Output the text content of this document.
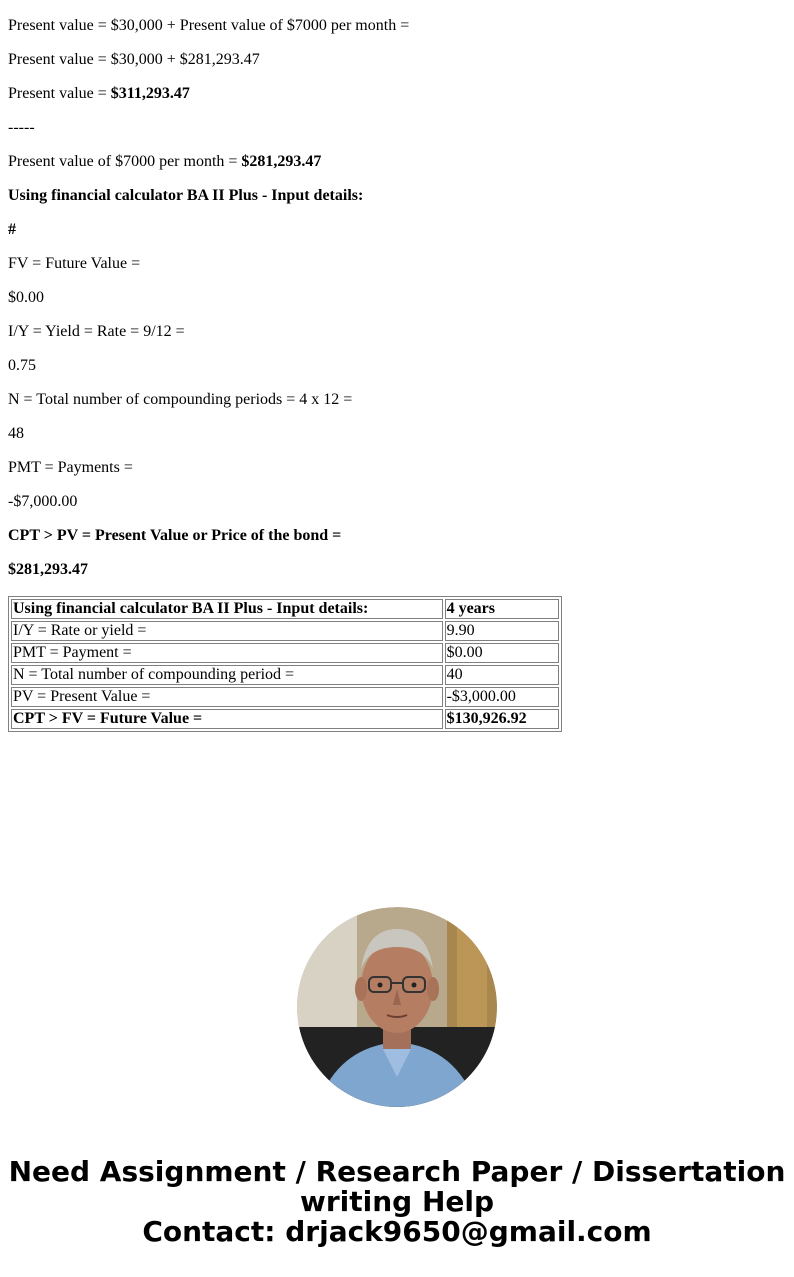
Present value = $30,000 + Present value of $7000 per month =
Present value = $30,000 + $281,293.47
Present value = $311,293.47
-----
Present value of $7000 per month = $281,293.47
Using financial calculator BA II Plus - Input details:
#
FV = Future Value =
$0.00
I/Y = Yield = Rate = 9/12 =
0.75
N = Total number of compounding periods = 4 x 12 =
48
PMT = Payments =
-$7,000.00
CPT > PV = Present Value or Price of the bond =
$281,293.47
Using financial calculator BA II Plus - Input details:	4 years
I/Y = Rate or yield =	9.90
PMT = Payment =	$0.00
N = Total number of compounding period =	40
PV = Present Value =	-$3,000.00
CPT > FV = Future Value =	$130,926.92
Need Assignment / Research Paper / Dissertation
writing Help
Contact: drjack9650@gmail.com
